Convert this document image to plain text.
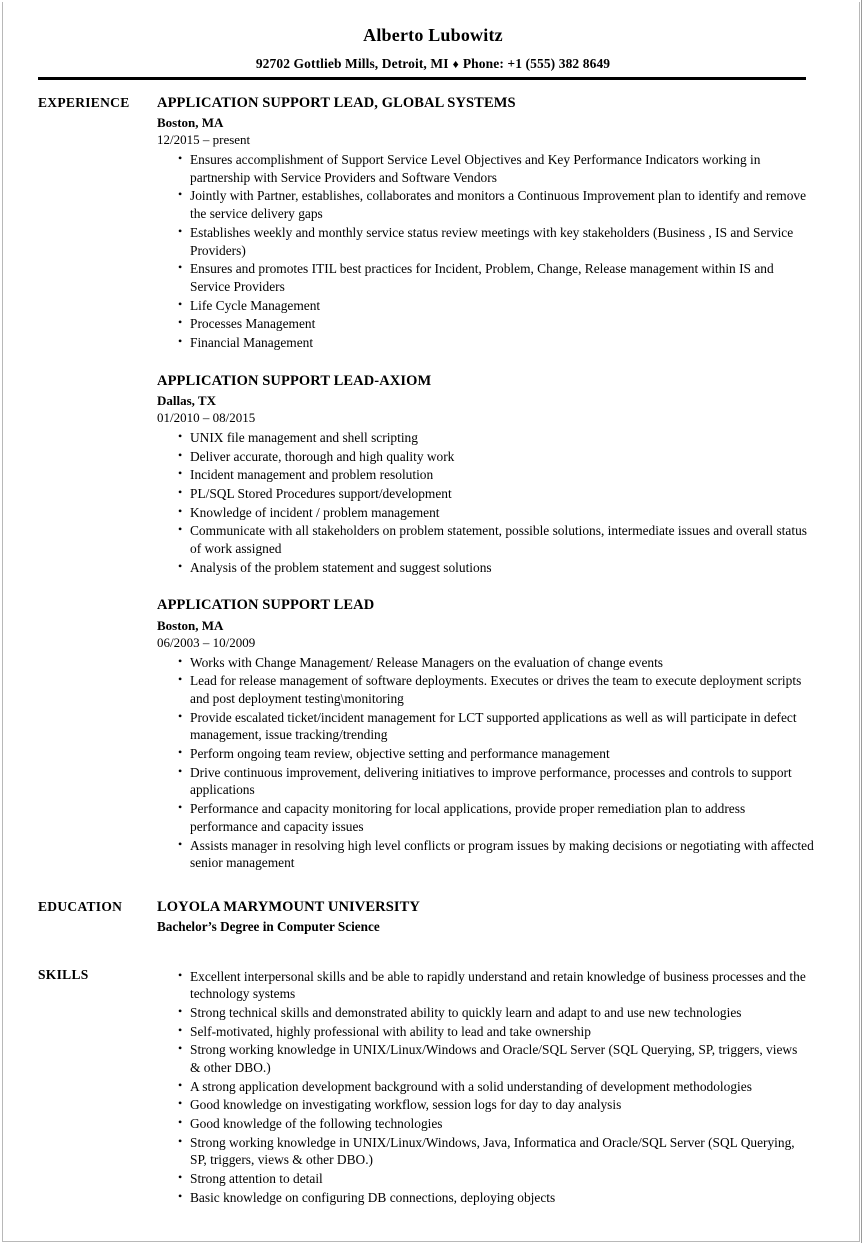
Alberto Lubowitz
92702 Gottlieb Mills, Detroit, MI ♦ Phone: +1 (555) 382 8649
EXPERIENCE	APPLICATION SUPPORT LEAD, GLOBAL SYSTEMS
Boston, MA
12/2015 – present
• Ensures accomplishment of Support Service Level Objectives and Key Performance Indicators working in partnership with Service Providers and Software Vendors
• Jointly with Partner, establishes, collaborates and monitors a Continuous Improvement plan to identify and remove the service delivery gaps
• Establishes weekly and monthly service status review meetings with key stakeholders (Business , IS and Service Providers)
• Ensures and promotes ITIL best practices for Incident, Problem, Change, Release management within IS and Service Providers
• Life Cycle Management
• Processes Management
• Financial Management
APPLICATION SUPPORT LEAD-AXIOM
Dallas, TX
01/2010 – 08/2015
• UNIX file management and shell scripting
• Deliver accurate, thorough and high quality work
• Incident management and problem resolution
• PL/SQL Stored Procedures support/development
• Knowledge of incident / problem management
• Communicate with all stakeholders on problem statement, possible solutions, intermediate issues and overall status of work assigned
• Analysis of the problem statement and suggest solutions
APPLICATION SUPPORT LEAD
Boston, MA
06/2003 – 10/2009
• Works with Change Management/ Release Managers on the evaluation of change events
• Lead for release management of software deployments. Executes or drives the team to execute deployment scripts and post deployment testing\monitoring
• Provide escalated ticket/incident management for LCT supported applications as well as will participate in defect management, issue tracking/trending
• Perform ongoing team review, objective setting and performance management
• Drive continuous improvement, delivering initiatives to improve performance, processes and controls to support applications
• Performance and capacity monitoring for local applications, provide proper remediation plan to address performance and capacity issues
• Assists manager in resolving high level conflicts or program issues by making decisions or negotiating with affected senior management
EDUCATION	LOYOLA MARYMOUNT UNIVERSITY
Bachelor’s Degree in Computer Science
SKILLS	• Excellent interpersonal skills and be able to rapidly understand and retain knowledge of business processes and the technology systems
• Strong technical skills and demonstrated ability to quickly learn and adapt to and use new technologies
• Self-motivated, highly professional with ability to lead and take ownership
• Strong working knowledge in UNIX/Linux/Windows and Oracle/SQL Server (SQL Querying, SP, triggers, views & other DBO.)
• A strong application development background with a solid understanding of development methodologies
• Good knowledge on investigating workflow, session logs for day to day analysis
• Good knowledge of the following technologies
• Strong working knowledge in UNIX/Linux/Windows, Java, Informatica and Oracle/SQL Server (SQL Querying, SP, triggers, views & other DBO.)
• Strong attention to detail
• Basic knowledge on configuring DB connections, deploying objects
